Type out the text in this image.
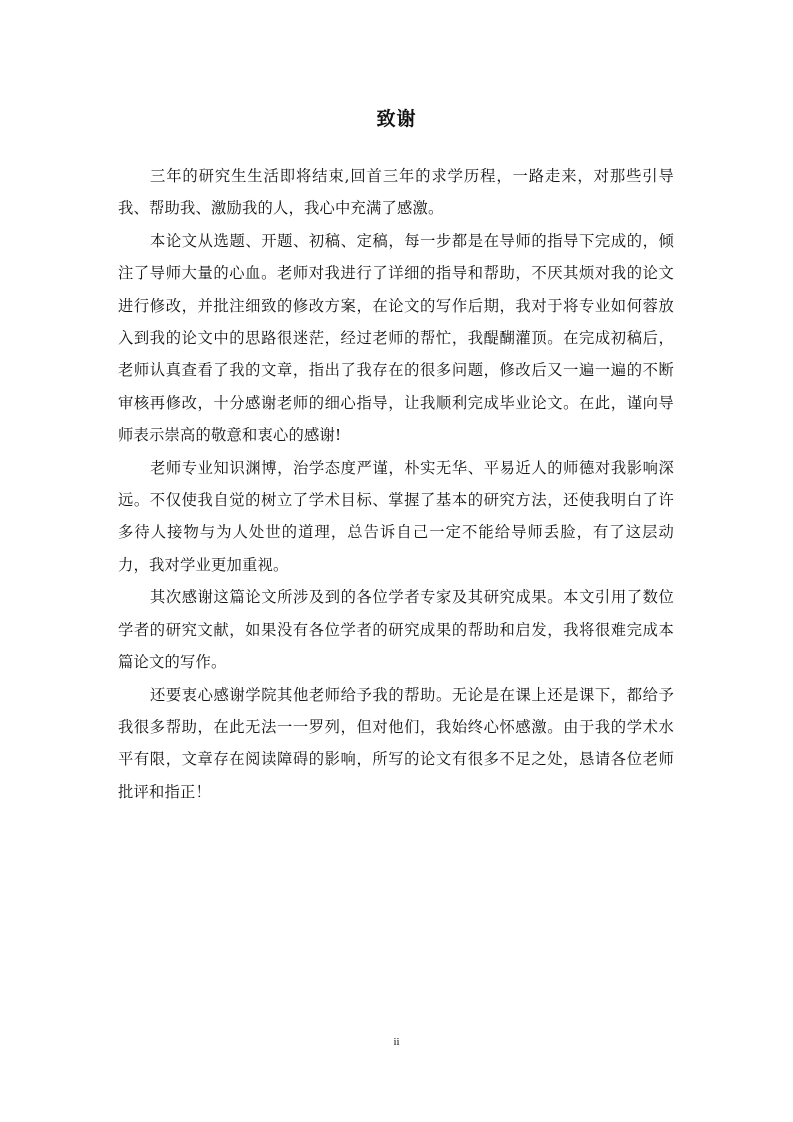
致谢

三年的研究生生活即将结束,回首三年的求学历程，一路走来，对那些引导我、帮助我、激励我的人，我心中充满了感激。

本论文从选题、开题、初稿、定稿，每一步都是在导师的指导下完成的，倾注了导师大量的心血。老师对我进行了详细的指导和帮助，不厌其烦对我的论文进行修改，并批注细致的修改方案，在论文的写作后期，我对于将专业如何蓉放入到我的论文中的思路很迷茫，经过老师的帮忙，我醍醐灌顶。在完成初稿后，老师认真查看了我的文章，指出了我存在的很多问题，修改后又一遍一遍的不断审核再修改，十分感谢老师的细心指导，让我顺利完成毕业论文。在此，谨向导师表示崇高的敬意和衷心的感谢!

老师专业知识渊博，治学态度严谨，朴实无华、平易近人的师德对我影响深远。不仅使我自觉的树立了学术目标、掌握了基本的研究方法，还使我明白了许多待人接物与为人处世的道理，总告诉自己一定不能给导师丢脸，有了这层动力，我对学业更加重视。

其次感谢这篇论文所涉及到的各位学者专家及其研究成果。本文引用了数位学者的研究文献，如果没有各位学者的研究成果的帮助和启发，我将很难完成本篇论文的写作。

还要衷心感谢学院其他老师给予我的帮助。无论是在课上还是课下，都给予我很多帮助，在此无法一一罗列，但对他们，我始终心怀感激。由于我的学术水平有限，文章存在阅读障碍的影响，所写的论文有很多不足之处，恳请各位老师批评和指正！

ii
